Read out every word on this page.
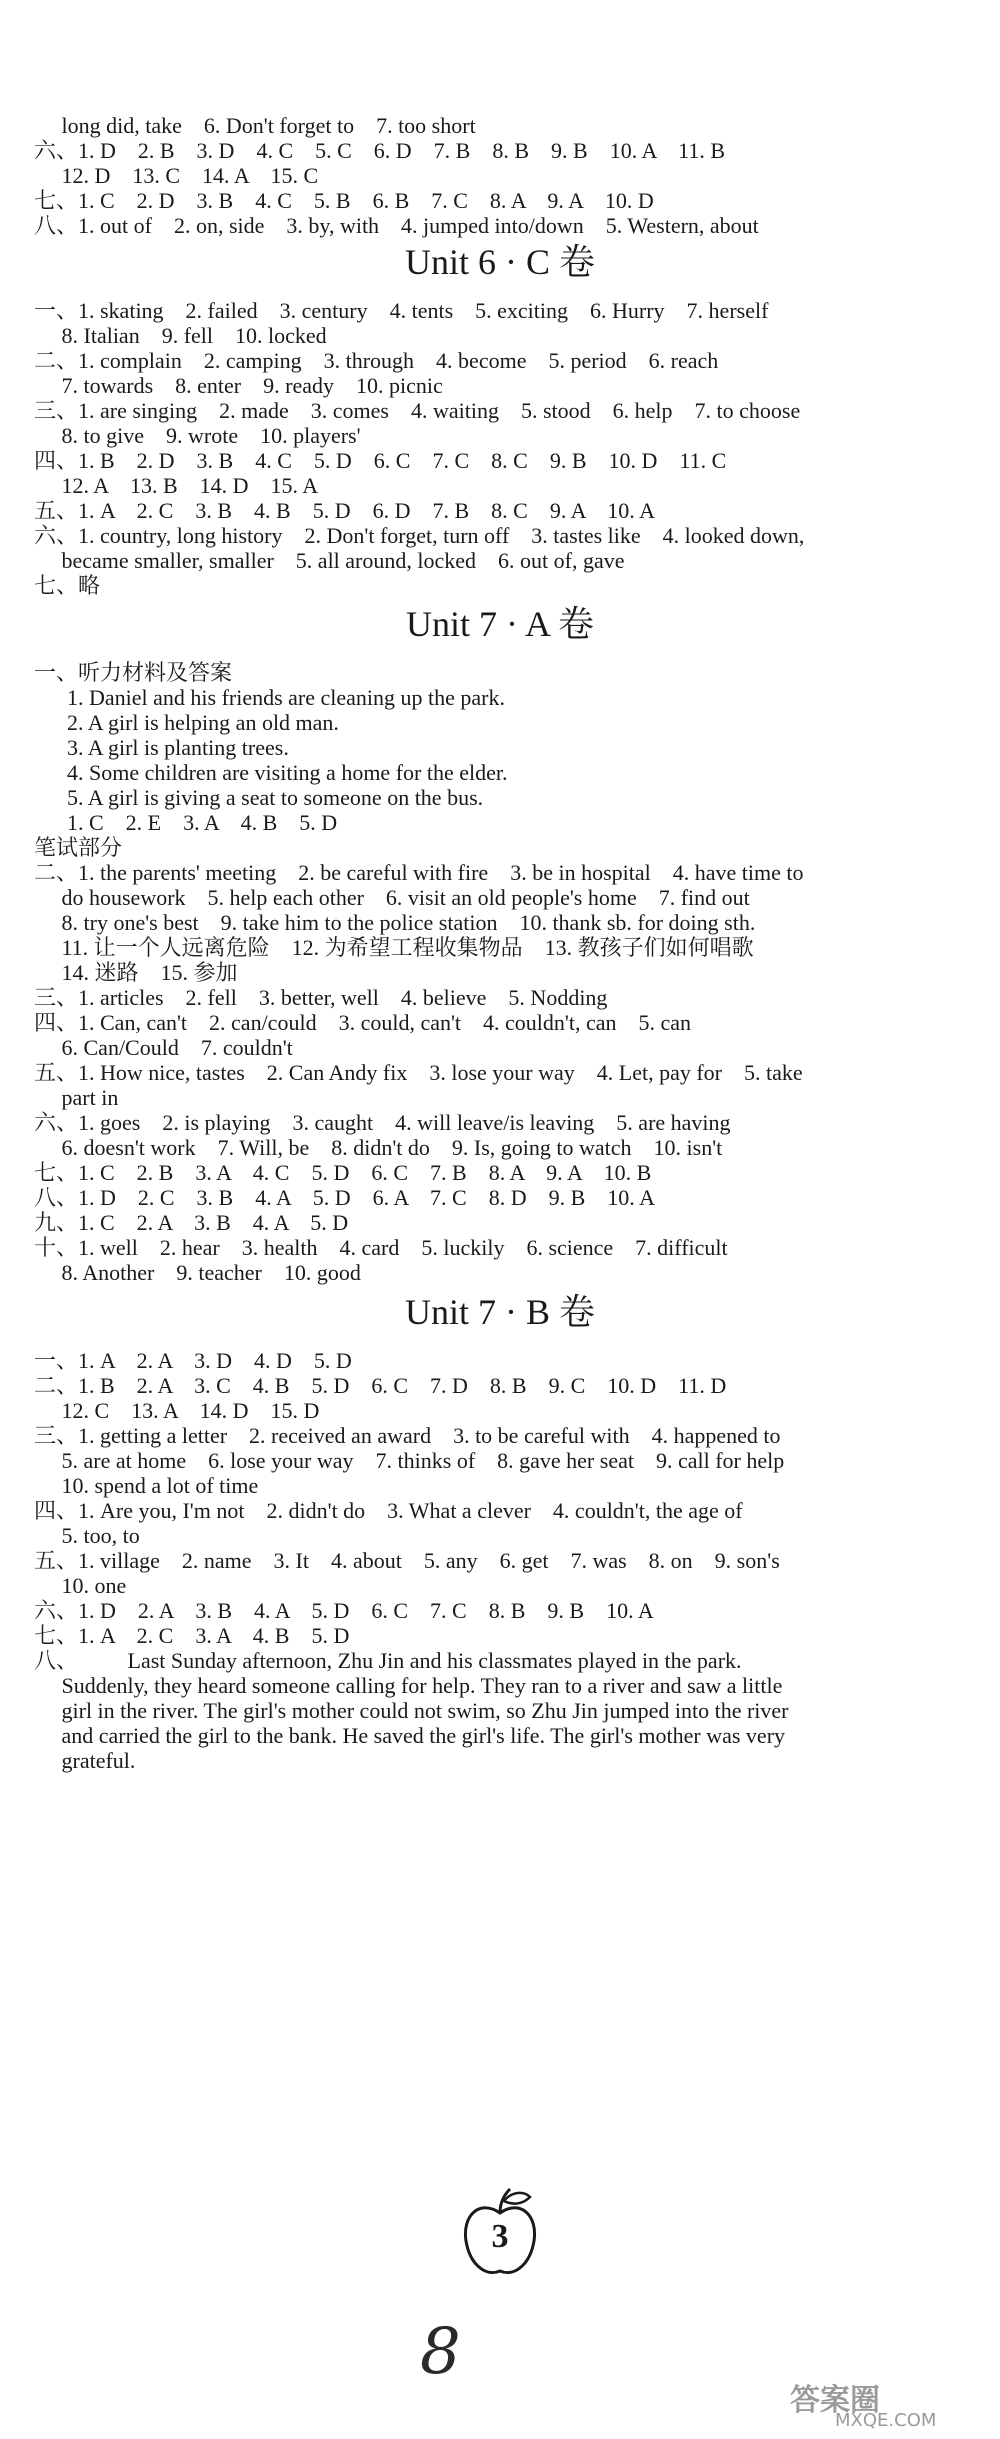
long did, take    6. Don't forget to    7. too short
六、1. D    2. B    3. D    4. C    5. C    6. D    7. B    8. B    9. B    10. A    11. B
12. D    13. C    14. A    15. C
七、1. C    2. D    3. B    4. C    5. B    6. B    7. C    8. A    9. A    10. D
八、1. out of    2. on, side    3. by, with    4. jumped into/down    5. Western, about
Unit 6 · C 卷
一、1. skating    2. failed    3. century    4. tents    5. exciting    6. Hurry    7. herself
8. Italian    9. fell    10. locked
二、1. complain    2. camping    3. through    4. become    5. period    6. reach
7. towards    8. enter    9. ready    10. picnic
三、1. are singing    2. made    3. comes    4. waiting    5. stood    6. help    7. to choose
8. to give    9. wrote    10. players'
四、1. B    2. D    3. B    4. C    5. D    6. C    7. C    8. C    9. B    10. D    11. C
12. A    13. B    14. D    15. A
五、1. A    2. C    3. B    4. B    5. D    6. D    7. B    8. C    9. A    10. A
六、1. country, long history    2. Don't forget, turn off    3. tastes like    4. looked down,
became smaller, smaller    5. all around, locked    6. out of, gave
七、略
Unit 7 · A 卷
一、听力材料及答案
1. Daniel and his friends are cleaning up the park.
2. A girl is helping an old man.
3. A girl is planting trees.
4. Some children are visiting a home for the elder.
5. A girl is giving a seat to someone on the bus.
1. C    2. E    3. A    4. B    5. D
笔试部分
二、1. the parents' meeting    2. be careful with fire    3. be in hospital    4. have time to
do housework    5. help each other    6. visit an old people's home    7. find out
8. try one's best    9. take him to the police station    10. thank sb. for doing sth.
11. 让一个人远离危险    12. 为希望工程收集物品    13. 教孩子们如何唱歌
14. 迷路    15. 参加
三、1. articles    2. fell    3. better, well    4. believe    5. Nodding
四、1. Can, can't    2. can/could    3. could, can't    4. couldn't, can    5. can
6. Can/Could    7. couldn't
五、1. How nice, tastes    2. Can Andy fix    3. lose your way    4. Let, pay for    5. take
part in
六、1. goes    2. is playing    3. caught    4. will leave/is leaving    5. are having
6. doesn't work    7. Will, be    8. didn't do    9. Is, going to watch    10. isn't
七、1. C    2. B    3. A    4. C    5. D    6. C    7. B    8. A    9. A    10. B
八、1. D    2. C    3. B    4. A    5. D    6. A    7. C    8. D    9. B    10. A
九、1. C    2. A    3. B    4. A    5. D
十、1. well    2. hear    3. health    4. card    5. luckily    6. science    7. difficult
8. Another    9. teacher    10. good
Unit 7 · B 卷
一、1. A    2. A    3. D    4. D    5. D
二、1. B    2. A    3. C    4. B    5. D    6. C    7. D    8. B    9. C    10. D    11. D
12. C    13. A    14. D    15. D
三、1. getting a letter    2. received an award    3. to be careful with    4. happened to
5. are at home    6. lose your way    7. thinks of    8. gave her seat    9. call for help
10. spend a lot of time
四、1. Are you, I'm not    2. didn't do    3. What a clever    4. couldn't, the age of
5. too, to
五、1. village    2. name    3. It    4. about    5. any    6. get    7. was    8. on    9. son's
10. one
六、1. D    2. A    3. B    4. A    5. D    6. C    7. C    8. B    9. B    10. A
七、1. A    2. C    3. A    4. B    5. D
八、         Last Sunday afternoon, Zhu Jin and his classmates played in the park.
Suddenly, they heard someone calling for help. They ran to a river and saw a little
girl in the river. The girl's mother could not swim, so Zhu Jin jumped into the river
and carried the girl to the bank. He saved the girl's life. The girl's mother was very
grateful.
3
8
答案圈
MXQE.COM
